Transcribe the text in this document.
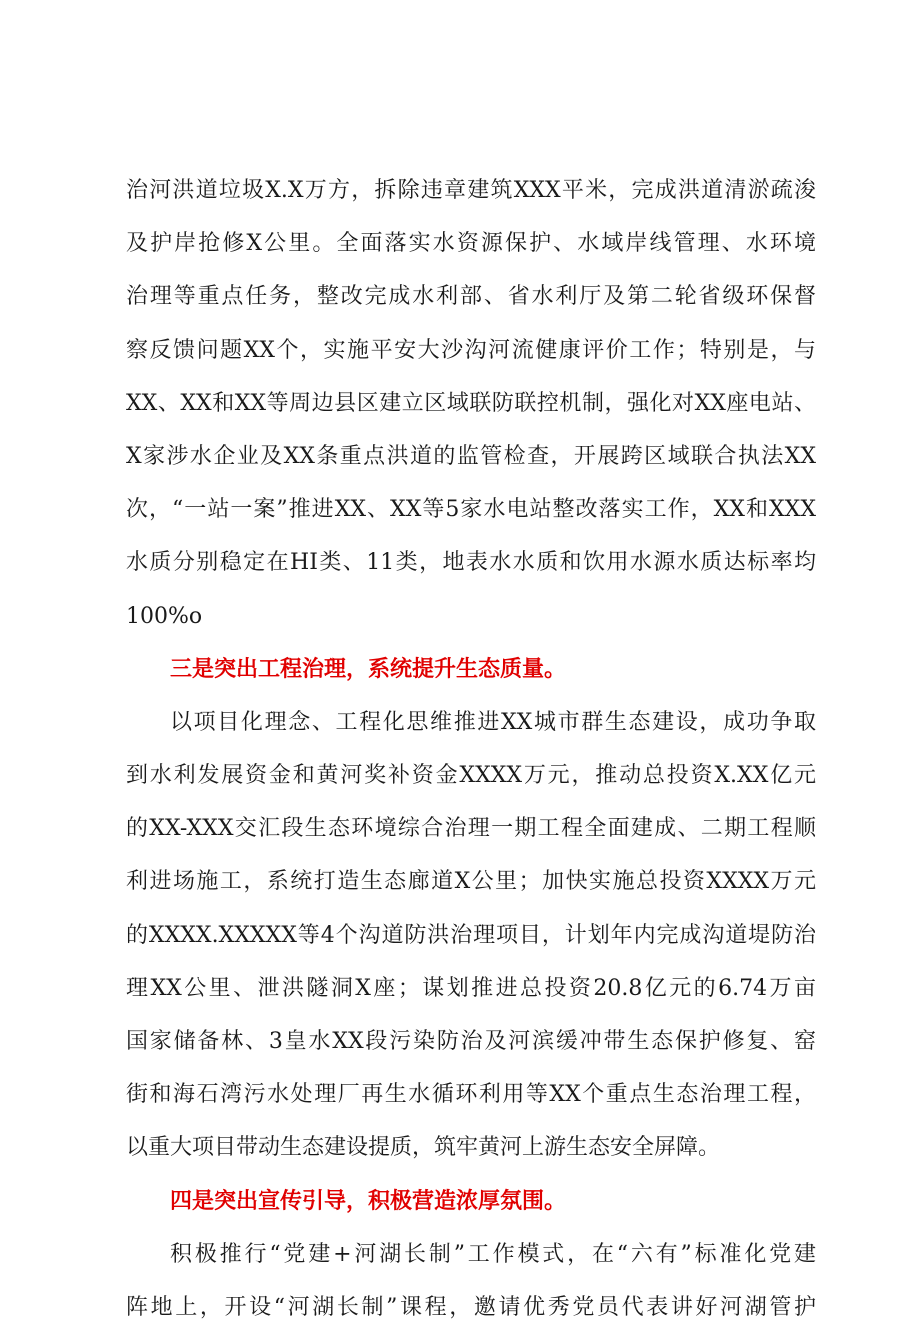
治河洪道垃圾X.X万方，拆除违章建筑XXX平米，完成洪道清淤疏浚
及护岸抢修X公里。全面落实水资源保护、水域岸线管理、水环境
治理等重点任务，整改完成水利部、省水利厅及第二轮省级环保督
察反馈问题XX个，实施平安大沙沟河流健康评价工作；特别是，与
XX、XX和XX等周边县区建立区域联防联控机制，强化对XX座电站、
X家涉水企业及XX条重点洪道的监管检查，开展跨区域联合执法XX
次，“一站一案”推进XX、XX等5家水电站整改落实工作，XX和XXX
水质分别稳定在HI类、11类，地表水水质和饮用水源水质达标率均
100%o
三是突出工程治理，系统提升生态质量。
以项目化理念、工程化思维推进XX城市群生态建设，成功争取
到水利发展资金和黄河奖补资金XXXX万元，推动总投资X.XX亿元
的XX-XXX交汇段生态环境综合治理一期工程全面建成、二期工程顺
利进场施工，系统打造生态廊道X公里；加快实施总投资XXXX万元
的XXXX.XXXXX等4个沟道防洪治理项目，计划年内完成沟道堤防治
理XX公里、泄洪隧洞X座；谋划推进总投资20.8亿元的6.74万亩
国家储备林、3皇水XX段污染防治及河滨缓冲带生态保护修复、窑
街和海石湾污水处理厂再生水循环利用等XX个重点生态治理工程，
以重大项目带动生态建设提质，筑牢黄河上游生态安全屏障。
四是突出宣传引导，积极营造浓厚氛围。
积极推行“党建+河湖长制”工作模式，在“六有”标准化党建
阵地上，开设“河湖长制”课程，邀请优秀党员代表讲好河湖管护
